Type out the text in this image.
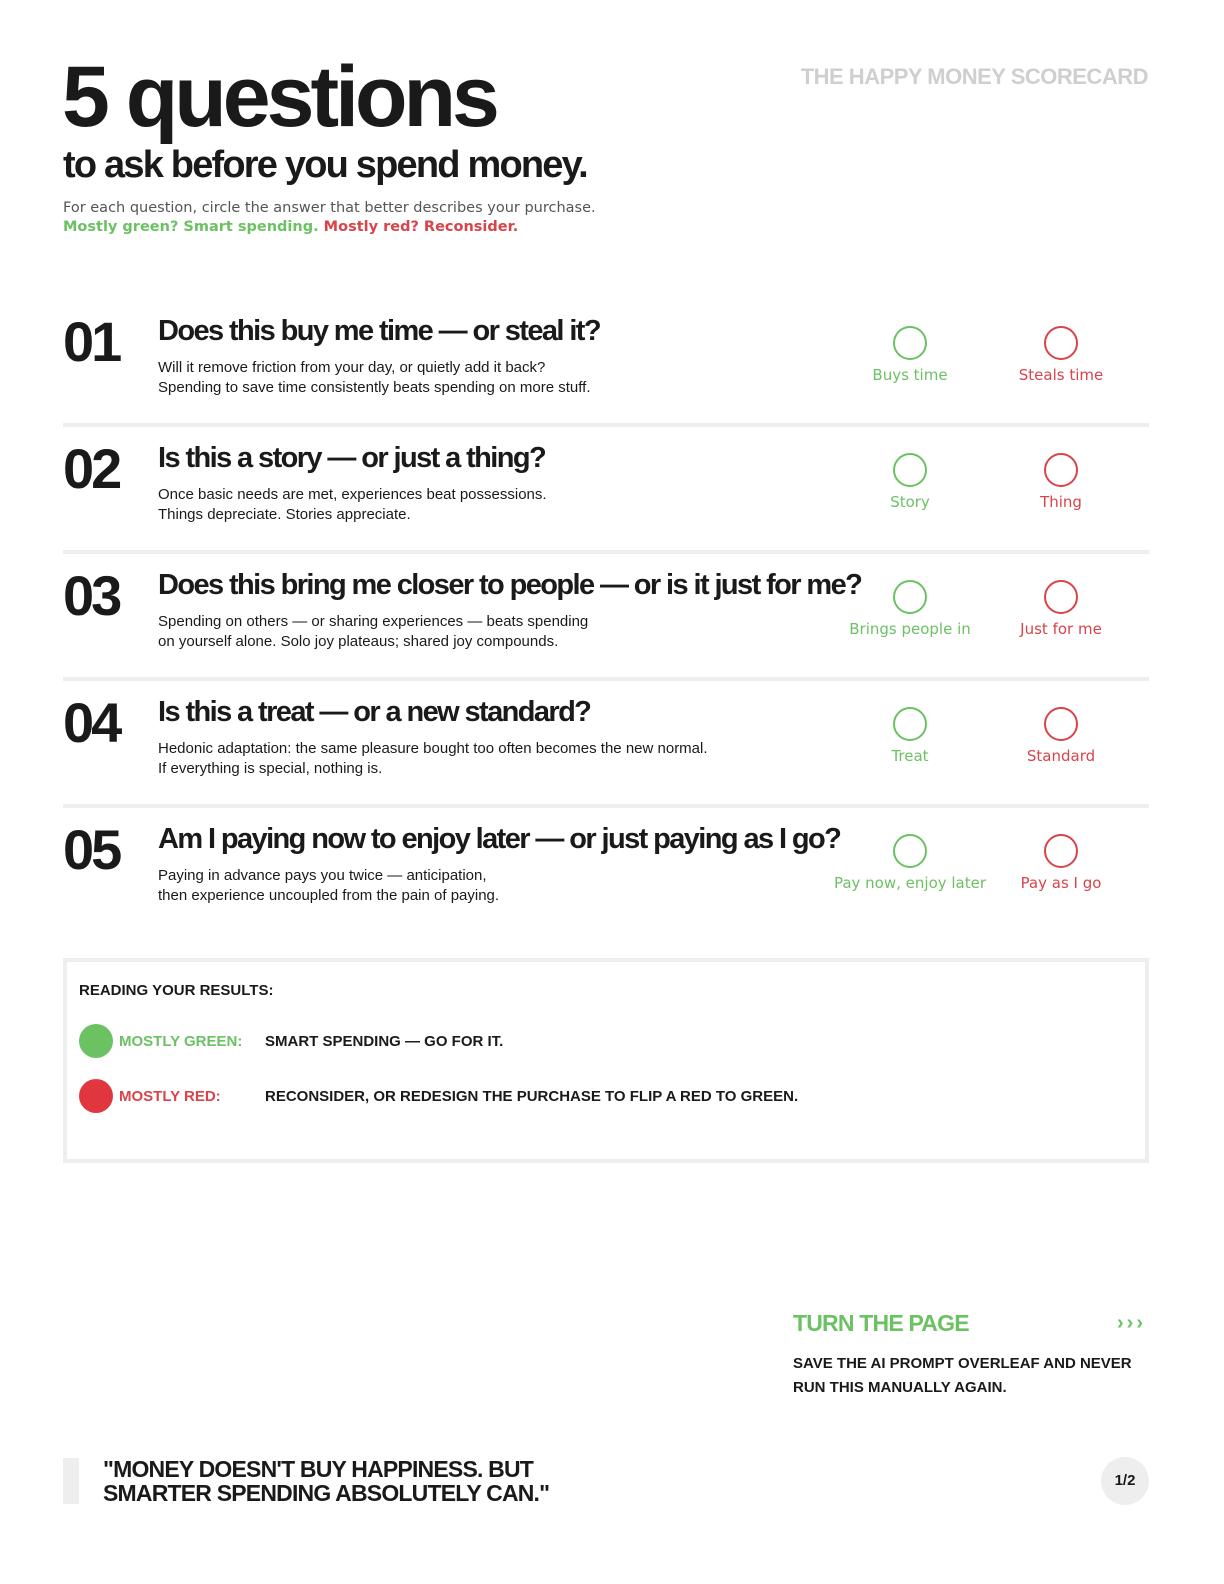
THE HAPPY MONEY SCORECARD
5 questions
to ask before you spend money.
For each question, circle the answer that better describes your purchase.
Mostly green? Smart spending. Mostly red? Reconsider.
01 Does this buy me time — or steal it?
Will it remove friction from your day, or quietly add it back?
Spending to save time consistently beats spending on more stuff.
Buys time	Steals time
02 Is this a story — or just a thing?
Once basic needs are met, experiences beat possessions.
Things depreciate. Stories appreciate.
Story	Thing
03 Does this bring me closer to people — or is it just for me?
Spending on others — or sharing experiences — beats spending
on yourself alone. Solo joy plateaus; shared joy compounds.
Brings people in	Just for me
04 Is this a treat — or a new standard?
Hedonic adaptation: the same pleasure bought too often becomes the new normal.
If everything is special, nothing is.
Treat	Standard
05 Am I paying now to enjoy later — or just paying as I go?
Paying in advance pays you twice — anticipation,
then experience uncoupled from the pain of paying.
Pay now, enjoy later	Pay as I go
READING YOUR RESULTS:
MOSTLY GREEN: SMART SPENDING — GO FOR IT.
MOSTLY RED:	RECONSIDER, OR REDESIGN THE PURCHASE TO FLIP A RED TO GREEN.
TURN THE PAGE	›››
SAVE THE AI PROMPT OVERLEAF AND NEVER RUN THIS MANUALLY AGAIN.
"MONEY DOESN'T BUY HAPPINESS. BUT
SMARTER SPENDING ABSOLUTELY CAN."	1/2
